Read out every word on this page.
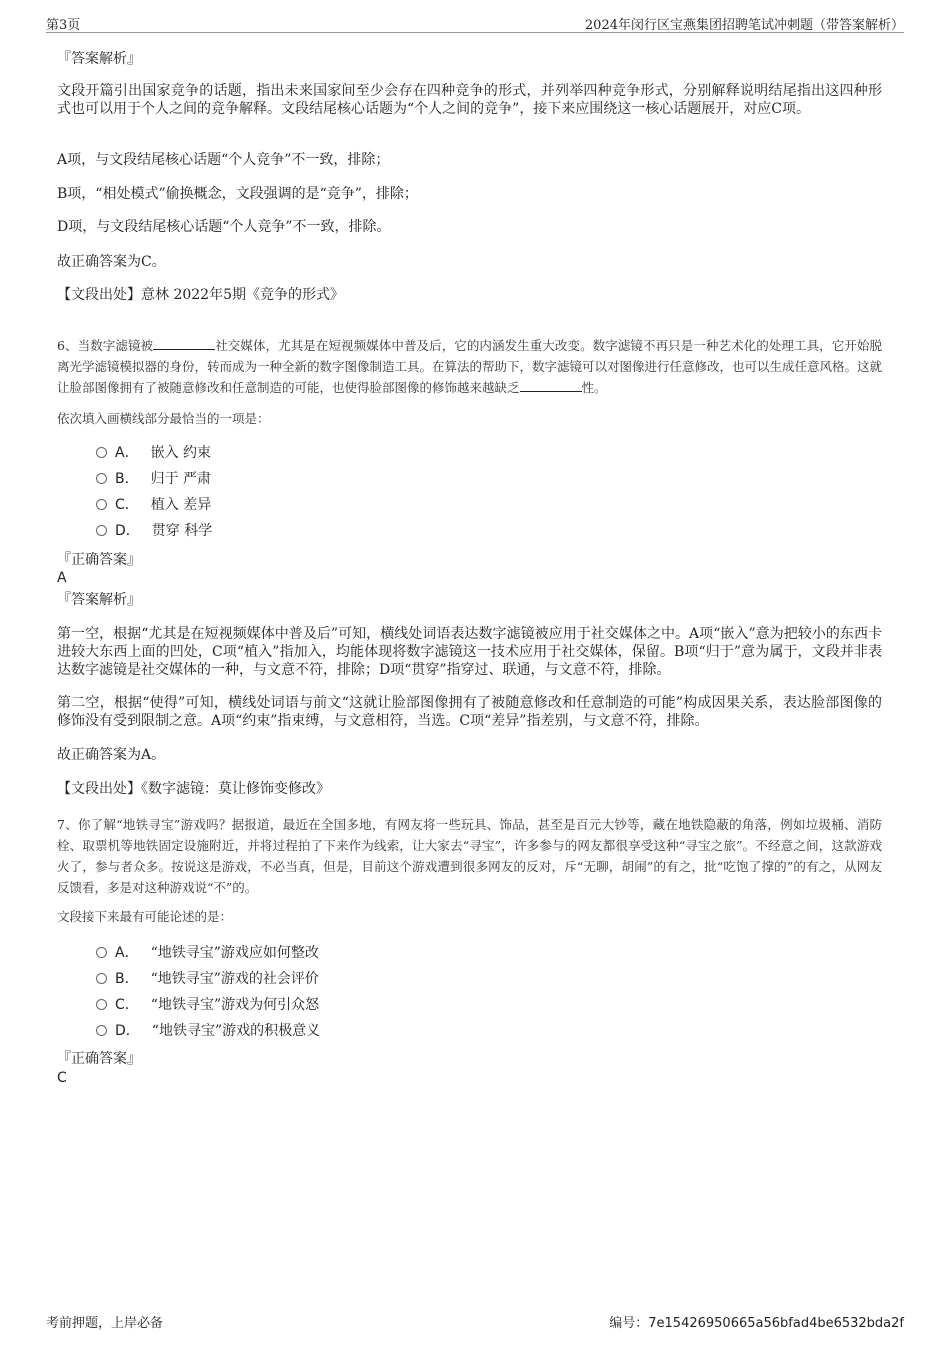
第3页	2024年闵行区宝燕集团招聘笔试冲刺题（带答案解析）
『答案解析』
文段开篇引出国家竞争的话题，指出未来国家间至少会存在四种竞争的形式，并列举四种竞争形式，分别解释说明结尾指出这四种形式也可以用于个人之间的竞争解释。文段结尾核心话题为“个人之间的竞争”，接下来应围绕这一核心话题展开，对应C项。
A项，与文段结尾核心话题“个人竞争”不一致，排除；
B项，“相处模式”偷换概念，文段强调的是“竞争”，排除；
D项，与文段结尾核心话题“个人竞争”不一致，排除。
故正确答案为C。
【文段出处】意林 2022年5期《竞争的形式》
6、当数字滤镜被	社交媒体，尤其是在短视频媒体中普及后，它的内涵发生重大改变。数字滤镜不再只是一种艺术化的处理工具，它开始脱离光学滤镜模拟器的身份，转而成为一种全新的数字图像制造工具。在算法的帮助下，数字滤镜可以对图像进行任意修改，也可以生成任意风格。这就让脸部图像拥有了被随意修改和任意制造的可能，也使得脸部图像的修饰越来越缺乏	性。
依次填入画横线部分最恰当的一项是：
A． 嵌入 约束
B． 归于 严肃
C． 植入 差异
D． 贯穿 科学
『正确答案』
A
『答案解析』
第一空，根据“尤其是在短视频媒体中普及后”可知，横线处词语表达数字滤镜被应用于社交媒体之中。A项“嵌入”意为把较小的东西卡进较大东西上面的凹处，C项“植入”指加入，均能体现将数字滤镜这一技术应用于社交媒体，保留。B项“归于”意为属于，文段并非表达数字滤镜是社交媒体的一种，与文意不符，排除；D项“贯穿”指穿过、联通，与文意不符，排除。
第二空，根据“使得”可知，横线处词语与前文“这就让脸部图像拥有了被随意修改和任意制造的可能”构成因果关系，表达脸部图像的修饰没有受到限制之意。A项“约束”指束缚，与文意相符，当选。C项“差异”指差别，与文意不符，排除。
故正确答案为A。
【文段出处】《数字滤镜：莫让修饰变修改》
7、你了解“地铁寻宝”游戏吗？据报道，最近在全国多地，有网友将一些玩具、饰品，甚至是百元大钞等，藏在地铁隐蔽的角落，例如垃圾桶、消防栓、取票机等地铁固定设施附近，并将过程拍了下来作为线索，让大家去“寻宝”，许多参与的网友都很享受这种“寻宝之旅”。不经意之间，这款游戏火了，参与者众多。按说这是游戏，不必当真，但是，目前这个游戏遭到很多网友的反对，斥“无聊，胡闹”的有之，批“吃饱了撑的”的有之，从网友反馈看，多是对这种游戏说“不”的。
文段接下来最有可能论述的是：
A． “地铁寻宝”游戏应如何整改
B． “地铁寻宝”游戏的社会评价
C． “地铁寻宝”游戏为何引众怒
D． “地铁寻宝”游戏的积极意义
『正确答案』
C
考前押题，上岸必备	编号：7e15426950665a56bfad4be6532bda2f
